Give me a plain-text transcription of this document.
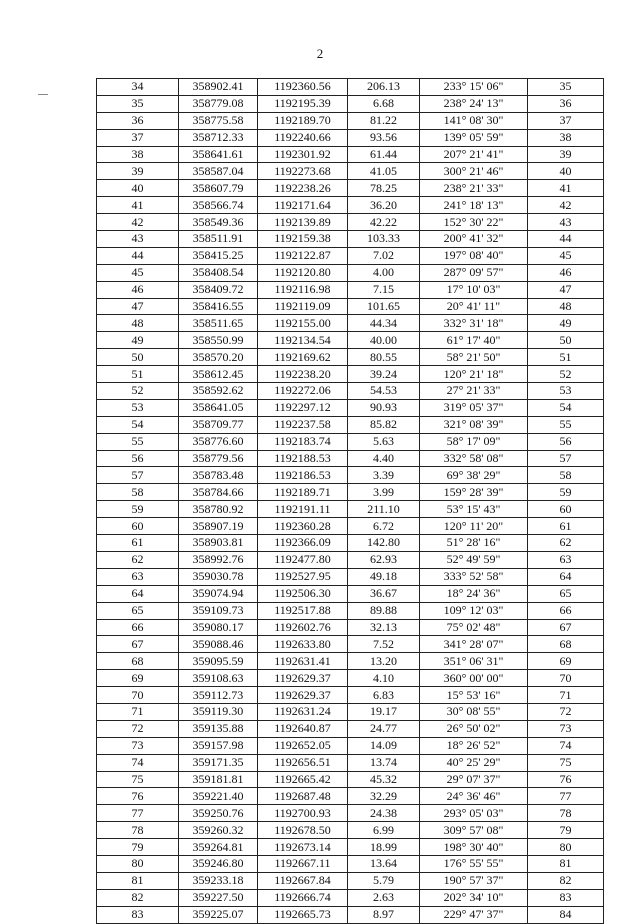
2
34	358902.41	1192360.56	206.13	233° 15' 06"	35
35	358779.08	1192195.39	6.68	238° 24' 13"	36
36	358775.58	1192189.70	81.22	141° 08' 30"	37
37	358712.33	1192240.66	93.56	139° 05' 59"	38
38	358641.61	1192301.92	61.44	207° 21' 41"	39
39	358587.04	1192273.68	41.05	300° 21' 46"	40
40	358607.79	1192238.26	78.25	238° 21' 33"	41
41	358566.74	1192171.64	36.20	241° 18' 13"	42
42	358549.36	1192139.89	42.22	152° 30' 22"	43
43	358511.91	1192159.38	103.33	200° 41' 32"	44
44	358415.25	1192122.87	7.02	197° 08' 40"	45
45	358408.54	1192120.80	4.00	287° 09' 57"	46
46	358409.72	1192116.98	7.15	17° 10' 03"	47
47	358416.55	1192119.09	101.65	20° 41' 11"	48
48	358511.65	1192155.00	44.34	332° 31' 18"	49
49	358550.99	1192134.54	40.00	61° 17' 40"	50
50	358570.20	1192169.62	80.55	58° 21' 50"	51
51	358612.45	1192238.20	39.24	120° 21' 18"	52
52	358592.62	1192272.06	54.53	27° 21' 33"	53
53	358641.05	1192297.12	90.93	319° 05' 37"	54
54	358709.77	1192237.58	85.82	321° 08' 39"	55
55	358776.60	1192183.74	5.63	58° 17' 09"	56
56	358779.56	1192188.53	4.40	332° 58' 08"	57
57	358783.48	1192186.53	3.39	69° 38' 29"	58
58	358784.66	1192189.71	3.99	159° 28' 39"	59
59	358780.92	1192191.11	211.10	53° 15' 43"	60
60	358907.19	1192360.28	6.72	120° 11' 20"	61
61	358903.81	1192366.09	142.80	51° 28' 16"	62
62	358992.76	1192477.80	62.93	52° 49' 59"	63
63	359030.78	1192527.95	49.18	333° 52' 58"	64
64	359074.94	1192506.30	36.67	18° 24' 36"	65
65	359109.73	1192517.88	89.88	109° 12' 03"	66
66	359080.17	1192602.76	32.13	75° 02' 48"	67
67	359088.46	1192633.80	7.52	341° 28' 07"	68
68	359095.59	1192631.41	13.20	351° 06' 31"	69
69	359108.63	1192629.37	4.10	360° 00' 00"	70
70	359112.73	1192629.37	6.83	15° 53' 16"	71
71	359119.30	1192631.24	19.17	30° 08' 55"	72
72	359135.88	1192640.87	24.77	26° 50' 02"	73
73	359157.98	1192652.05	14.09	18° 26' 52"	74
74	359171.35	1192656.51	13.74	40° 25' 29"	75
75	359181.81	1192665.42	45.32	29° 07' 37"	76
76	359221.40	1192687.48	32.29	24° 36' 46"	77
77	359250.76	1192700.93	24.38	293° 05' 03"	78
78	359260.32	1192678.50	6.99	309° 57' 08"	79
79	359264.81	1192673.14	18.99	198° 30' 40"	80
80	359246.80	1192667.11	13.64	176° 55' 55"	81
81	359233.18	1192667.84	5.79	190° 57' 37"	82
82	359227.50	1192666.74	2.63	202° 34' 10"	83
83	359225.07	1192665.73	8.97	229° 47' 37"	84
